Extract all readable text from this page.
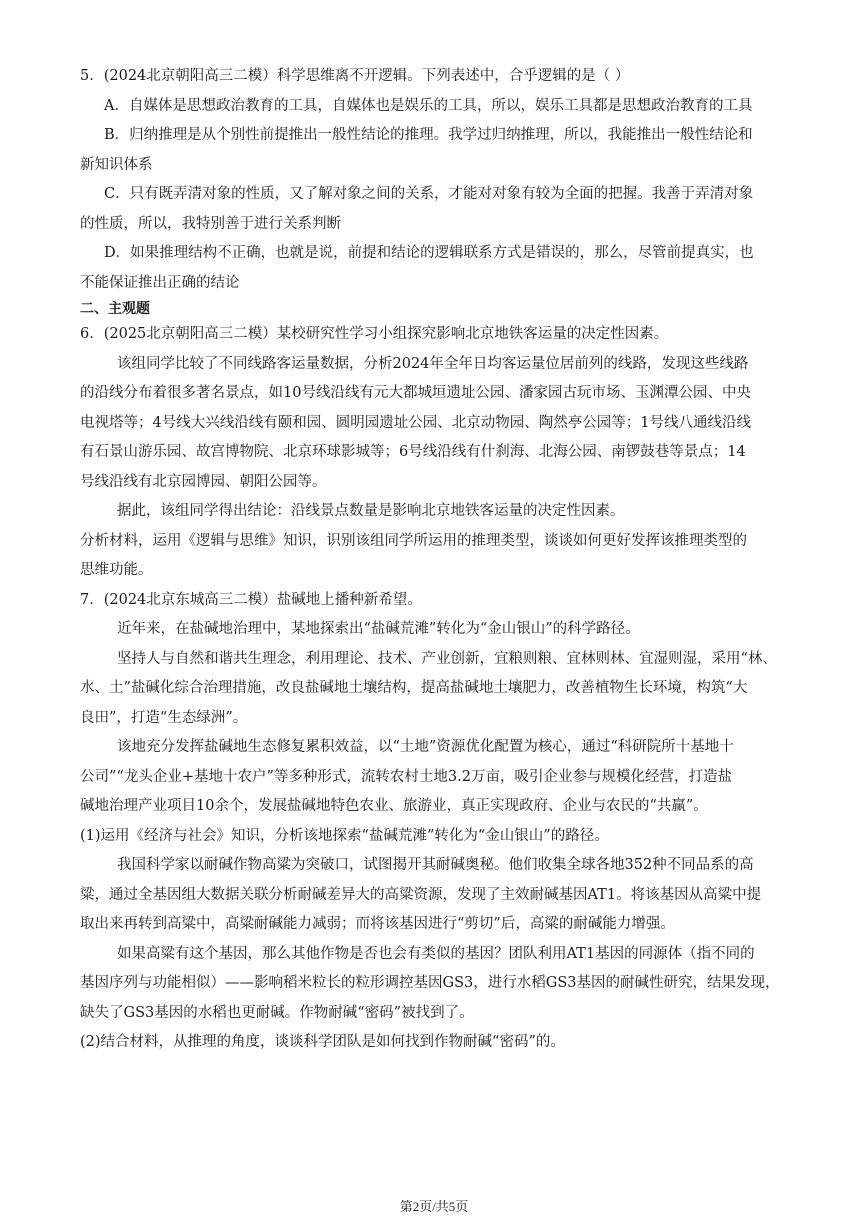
5．(2024北京朝阳高三二模）科学思维离不开逻辑。下列表述中，合乎逻辑的是（ ）
A．自媒体是思想政治教育的工具，自媒体也是娱乐的工具，所以，娱乐工具都是思想政治教育的工具
B．归纳推理是从个别性前提推出一般性结论的推理。我学过归纳推理，所以，我能推出一般性结论和
新知识体系
C．只有既弄清对象的性质，又了解对象之间的关系，才能对对象有较为全面的把握。我善于弄清对象
的性质，所以，我特别善于进行关系判断
D．如果推理结构不正确，也就是说，前提和结论的逻辑联系方式是错误的，那么，尽管前提真实，也
不能保证推出正确的结论
二、主观题
6．(2025北京朝阳高三二模）某校研究性学习小组探究影响北京地铁客运量的决定性因素。
该组同学比较了不同线路客运量数据，分析2024年全年日均客运量位居前列的线路，发现这些线路
的沿线分布着很多著名景点，如10号线沿线有元大都城垣遗址公园、潘家园古玩市场、玉渊潭公园、中央
电视塔等；4号线大兴线沿线有颐和园、圆明园遗址公园、北京动物园、陶然亭公园等；1号线八通线沿线
有石景山游乐园、故宫博物院、北京环球影城等；6号线沿线有什刹海、北海公园、南锣鼓巷等景点；14
号线沿线有北京园博园、朝阳公园等。
据此，该组同学得出结论：沿线景点数量是影响北京地铁客运量的决定性因素。
分析材料，运用《逻辑与思维》知识，识别该组同学所运用的推理类型，谈谈如何更好发挥该推理类型的
思维功能。
7．(2024北京东城高三二模）盐碱地上播种新希望。
近年来，在盐碱地治理中，某地探索出“盐碱荒滩”转化为“金山银山”的科学路径。
坚持人与自然和谐共生理念，利用理论、技术、产业创新，宜粮则粮、宜林则林、宜湿则湿，采用“林、
水、土”盐碱化综合治理措施，改良盐碱地土壤结构，提高盐碱地土壤肥力，改善植物生长环境，构筑“大
良田”，打造“生态绿洲”。
该地充分发挥盐碱地生态修复累积效益，以“土地”资源优化配置为核心，通过“科研院所十基地十
公司”“龙头企业+基地十农户”等多种形式，流转农村土地3.2万亩，吸引企业参与规模化经营，打造盐
碱地治理产业项目10余个，发展盐碱地特色农业、旅游业，真正实现政府、企业与农民的“共赢”。
(1)运用《经济与社会》知识，分析该地探索“盐碱荒滩”转化为“金山银山”的路径。
我国科学家以耐碱作物高粱为突破口，试图揭开其耐碱奥秘。他们收集全球各地352种不同品系的高
粱，通过全基因组大数据关联分析耐碱差异大的高粱资源，发现了主效耐碱基因AT1。将该基因从高粱中提
取出来再转到高粱中，高粱耐碱能力减弱；而将该基因进行“剪切”后，高粱的耐碱能力增强。
如果高粱有这个基因，那么其他作物是否也会有类似的基因？团队利用AT1基因的同源体（指不同的
基因序列与功能相似）——影响稻米粒长的粒形调控基因GS3，进行水稻GS3基因的耐碱性研究，结果发现，
缺失了GS3基因的水稻也更耐碱。作物耐碱“密码”被找到了。
(2)结合材料，从推理的角度，谈谈科学团队是如何找到作物耐碱“密码”的。
第2页/共5页
